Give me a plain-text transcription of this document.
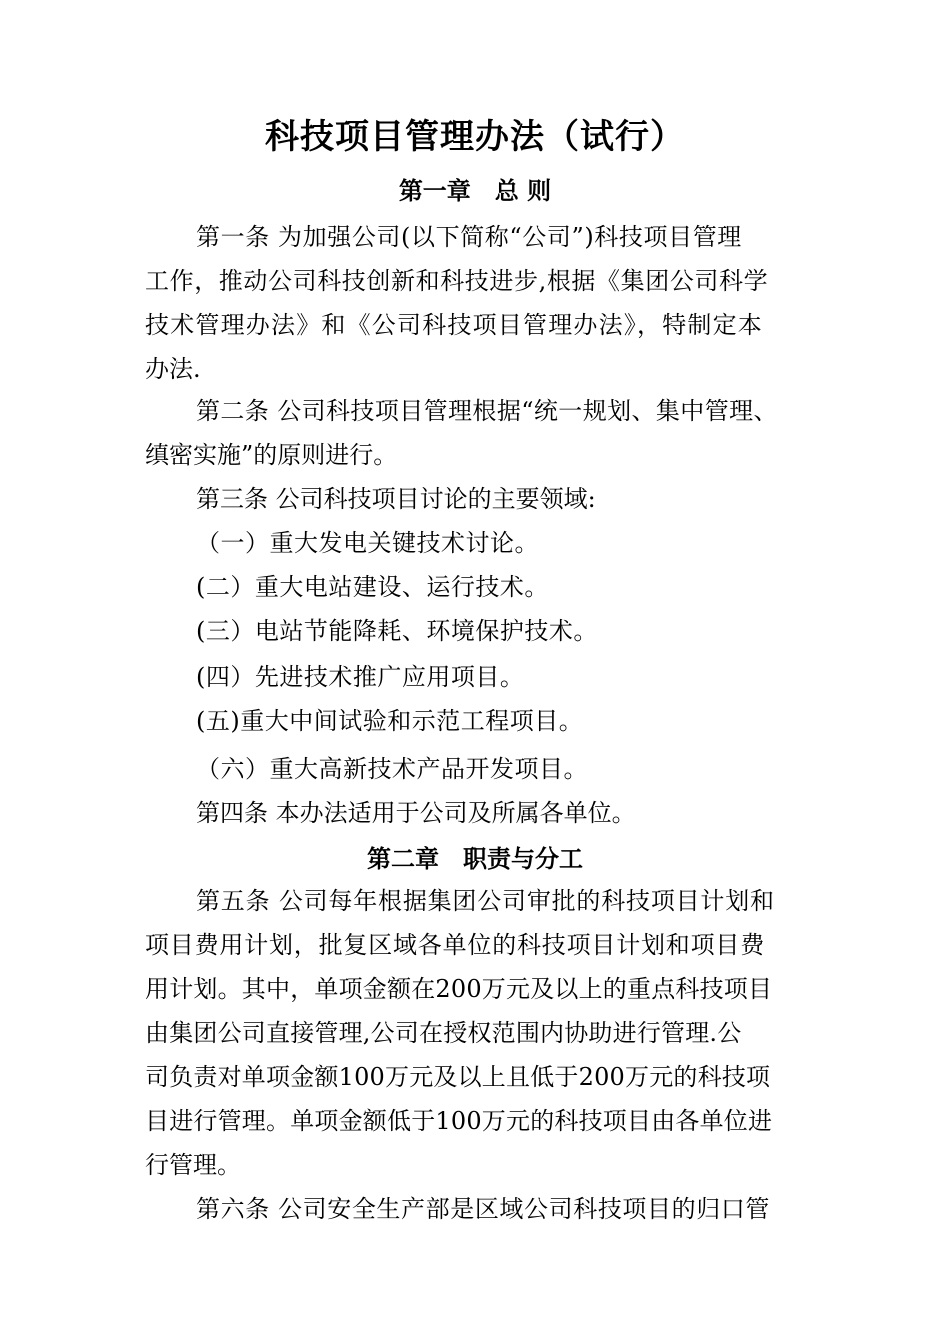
科技项目管理办法（试行）
第一章　总 则
第一条 为加强公司(以下简称“公司”)科技项目管理
工作，推动公司科技创新和科技进步,根据《集团公司科学
技术管理办法》和《公司科技项目管理办法》，特制定本
办法.
第二条 公司科技项目管理根据“统一规划、集中管理、
缜密实施”的原则进行。
第三条 公司科技项目讨论的主要领域:
（一）重大发电关键技术讨论。
(二）重大电站建设、运行技术。
(三）电站节能降耗、环境保护技术。
(四）先进技术推广应用项目。
(五)重大中间试验和示范工程项目。
（六）重大高新技术产品开发项目。
第四条 本办法适用于公司及所属各单位。
第二章　职责与分工
第五条 公司每年根据集团公司审批的科技项目计划和
项目费用计划，批复区域各单位的科技项目计划和项目费
用计划。其中，单项金额在200万元及以上的重点科技项目
由集团公司直接管理,公司在授权范围内协助进行管理.公
司负责对单项金额100万元及以上且低于200万元的科技项
目进行管理。单项金额低于100万元的科技项目由各单位进
行管理。
第六条 公司安全生产部是区域公司科技项目的归口管
